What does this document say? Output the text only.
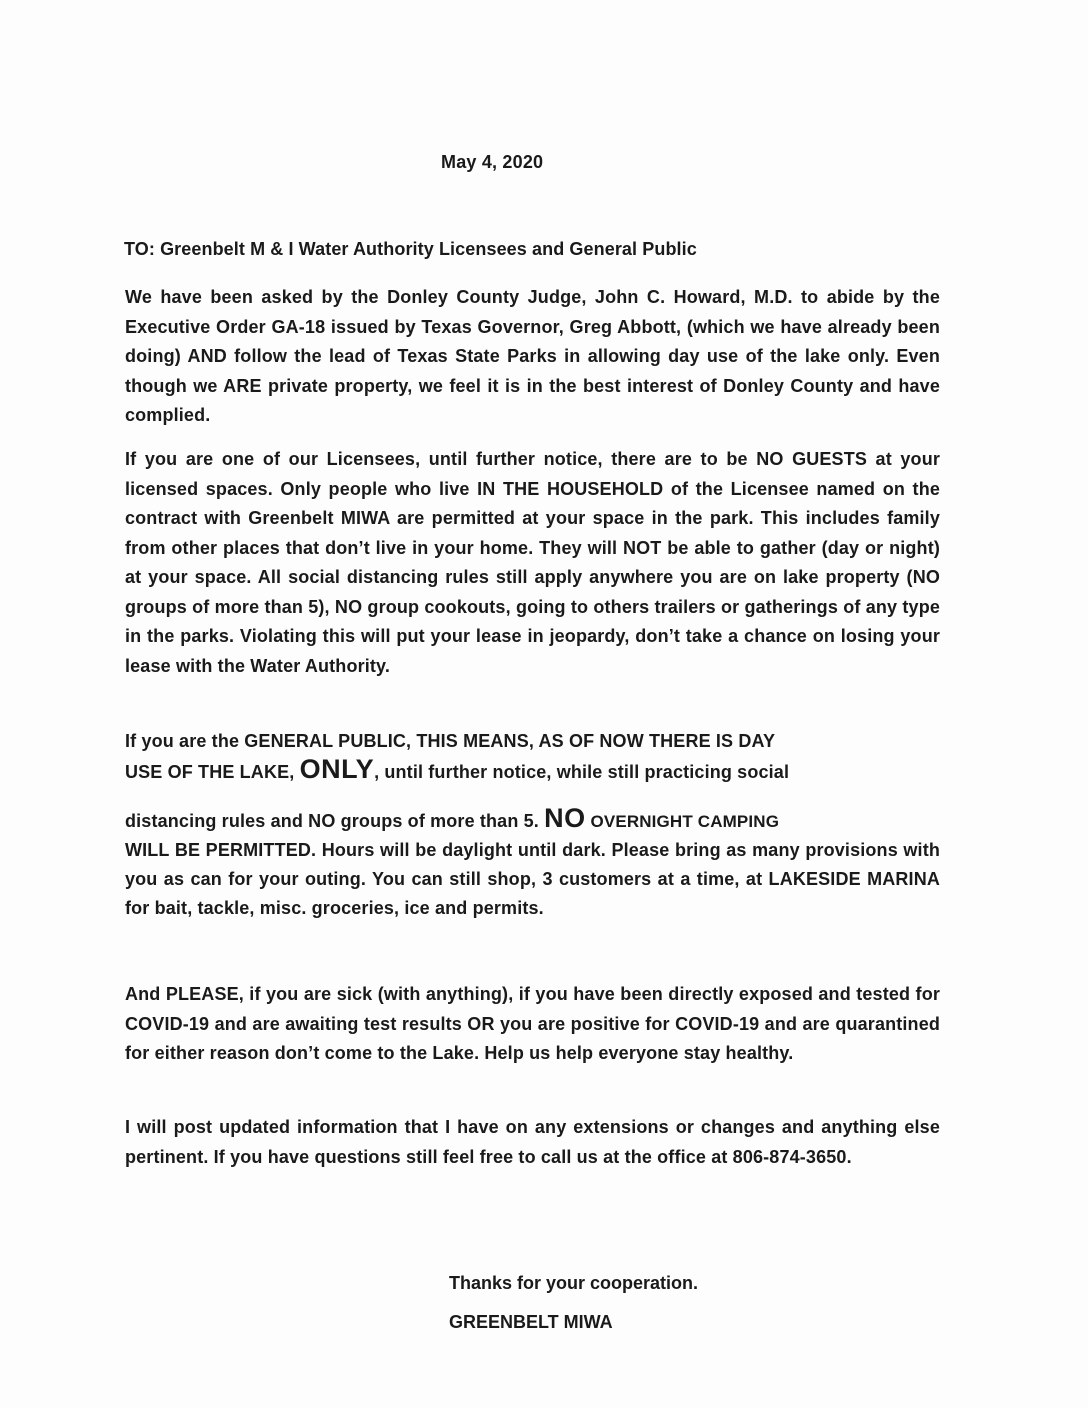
May 4, 2020
TO: Greenbelt M & I Water Authority Licensees and General Public
We have been asked by the Donley County Judge, John C. Howard, M.D. to abide by the Executive Order GA-18 issued by Texas Governor, Greg Abbott, (which we have already been doing) AND follow the lead of Texas State Parks in allowing day use of the lake only. Even though we ARE private property, we feel it is in the best interest of Donley County and have complied.
If you are one of our Licensees, until further notice, there are to be NO GUESTS at your licensed spaces. Only people who live IN THE HOUSEHOLD of the Licensee named on the contract with Greenbelt MIWA are permitted at your space in the park. This includes family from other places that don’t live in your home. They will NOT be able to gather (day or night) at your space. All social distancing rules still apply anywhere you are on lake property (NO groups of more than 5), NO group cookouts, going to others trailers or gatherings of any type in the parks. Violating this will put your lease in jeopardy, don’t take a chance on losing your lease with the Water Authority.
If you are the GENERAL PUBLIC, THIS MEANS, AS OF NOW THERE IS DAY
USE OF THE LAKE, ONLY, until further notice, while still practicing social
distancing rules and NO groups of more than 5. NO OVERNIGHT CAMPING
WILL BE PERMITTED. Hours will be daylight until dark. Please bring as many provisions with you as can for your outing. You can still shop, 3 customers at a time, at LAKESIDE MARINA for bait, tackle, misc. groceries, ice and permits.
And PLEASE, if you are sick (with anything), if you have been directly exposed and tested for COVID-19 and are awaiting test results OR you are positive for COVID-19 and are quarantined for either reason don’t come to the Lake. Help us help everyone stay healthy.
I will post updated information that I have on any extensions or changes and anything else pertinent. If you have questions still feel free to call us at the office at 806-874-3650.
Thanks for your cooperation.
GREENBELT MIWA
